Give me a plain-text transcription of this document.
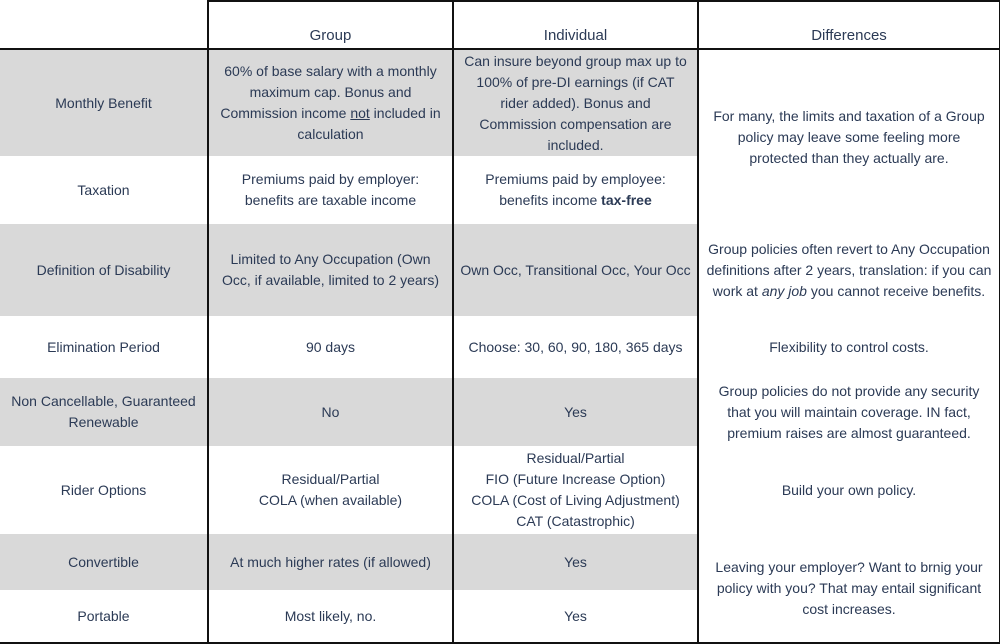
	Group	Individual	Differences
Monthly Benefit	60% of base salary with a monthly
maximum cap. Bonus and
Commission income not included in
calculation	Can insure beyond group max up to
100% of pre-DI earnings (if CAT
rider added). Bonus and
Commission compensation are
included.	For many, the limits and taxation of a Group
policy may leave some feeling more
protected than they actually are.

Taxation	Premiums paid by employer:
benefits are taxable income	Premiums paid by employee:
benefits income tax-free	

Definition of Disability	Limited to Any Occupation (Own
Occ, if available, limited to 2 years)	Own Occ, Transitional Occ, Your Occ	Group policies often revert to Any Occupation
definitions after 2 years, translation: if you can
work at any job you cannot receive benefits.

Elimination Period	90 days	Choose: 30, 60, 90, 180, 365 days	Flexibility to control costs.

Non Cancellable, Guaranteed
Renewable	No	Yes	Group policies do not provide any security
that you will maintain coverage. IN fact,
premium raises are almost guaranteed.

Rider Options	Residual/Partial
COLA (when available)	Residual/Partial
FIO (Future Increase Option)
COLA (Cost of Living Adjustment)
CAT (Catastrophic)	Build your own policy.

Convertible	At much higher rates (if allowed)	Yes	Leaving your employer? Want to brnig your
policy with you? That may entail significant
cost increases.

Portable	Most likely, no.	Yes	
